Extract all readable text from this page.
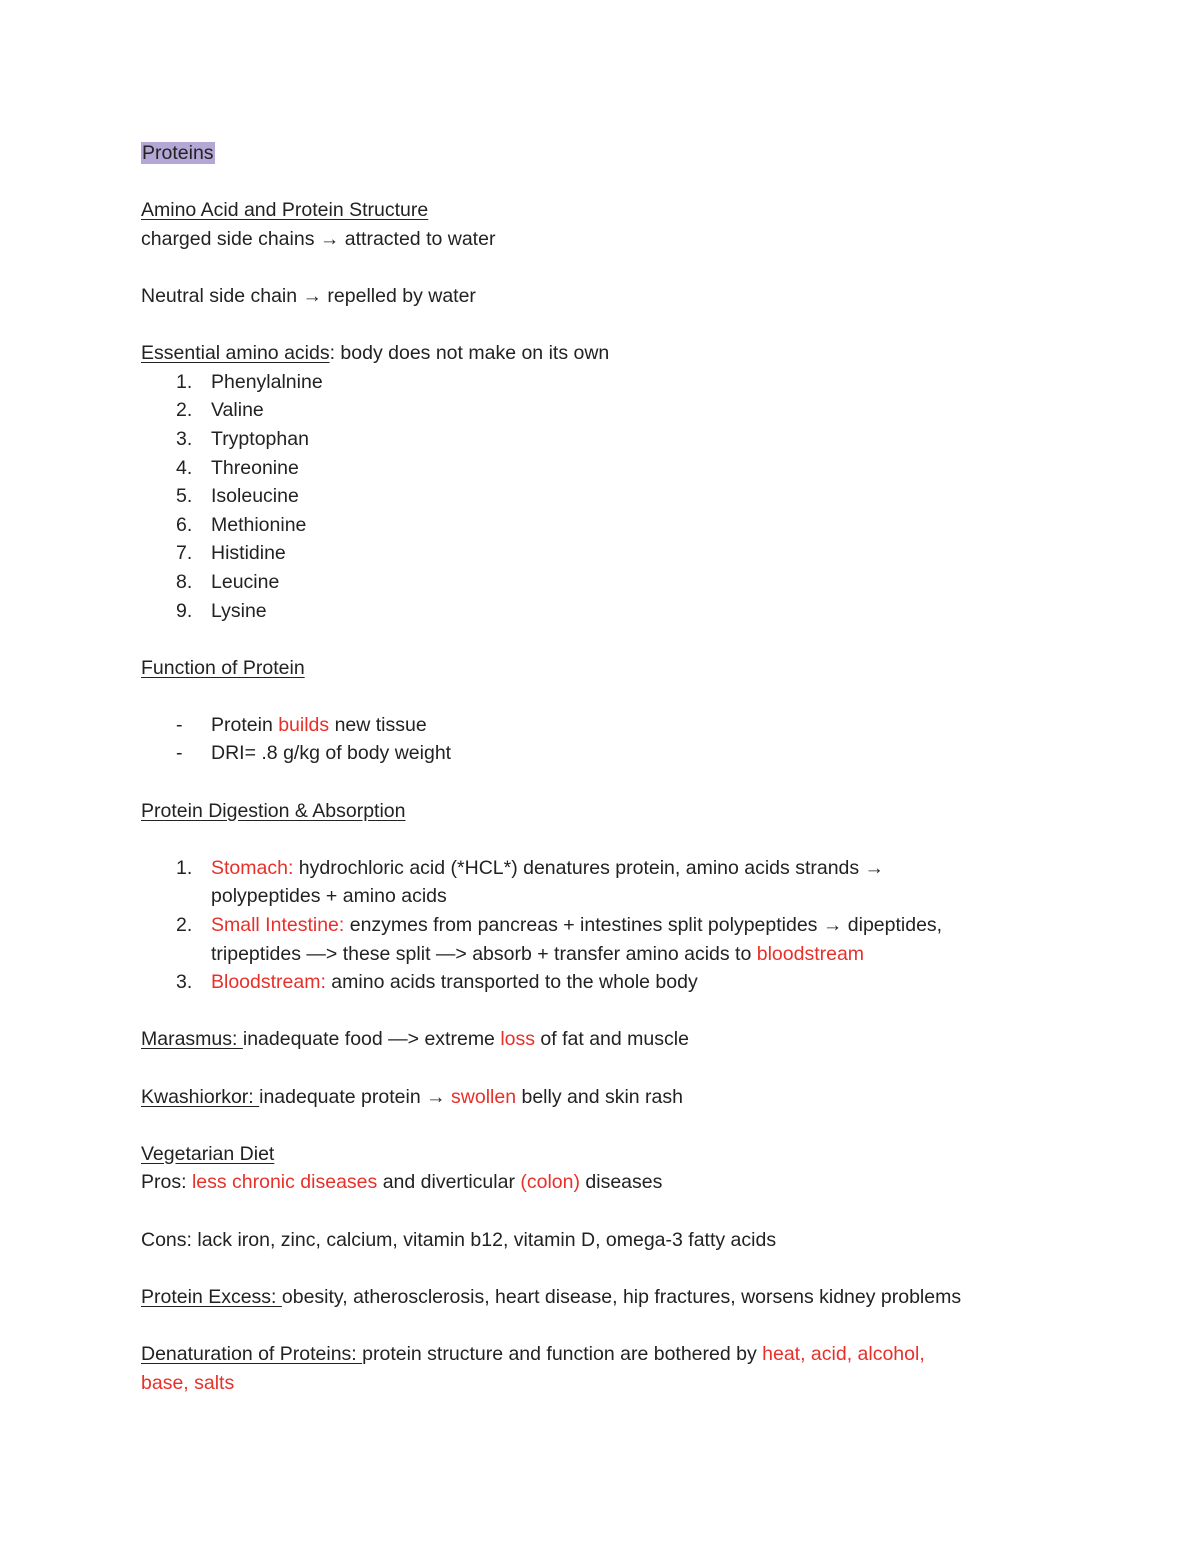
Proteins
Amino Acid and Protein Structure
charged side chains → attracted to water
Neutral side chain → repelled by water
Essential amino acids: body does not make on its own
1. Phenylalnine
2. Valine
3. Tryptophan
4. Threonine
5. Isoleucine
6. Methionine
7. Histidine
8. Leucine
9. Lysine
Function of Protein
- Protein builds new tissue
- DRI= .8 g/kg of body weight
Protein Digestion & Absorption
1. Stomach: hydrochloric acid (*HCL*) denatures protein, amino acids strands →
polypeptides + amino acids
2. Small Intestine: enzymes from pancreas + intestines split polypeptides → dipeptides,
tripeptides —> these split —> absorb + transfer amino acids to bloodstream
3. Bloodstream: amino acids transported to the whole body
Marasmus: inadequate food —> extreme loss of fat and muscle
Kwashiorkor: inadequate protein → swollen belly and skin rash
Vegetarian Diet
Pros: less chronic diseases and diverticular (colon) diseases
Cons: lack iron, zinc, calcium, vitamin b12, vitamin D, omega-3 fatty acids
Protein Excess: obesity, atherosclerosis, heart disease, hip fractures, worsens kidney problems
Denaturation of Proteins: protein structure and function are bothered by heat, acid, alcohol,
base, salts
